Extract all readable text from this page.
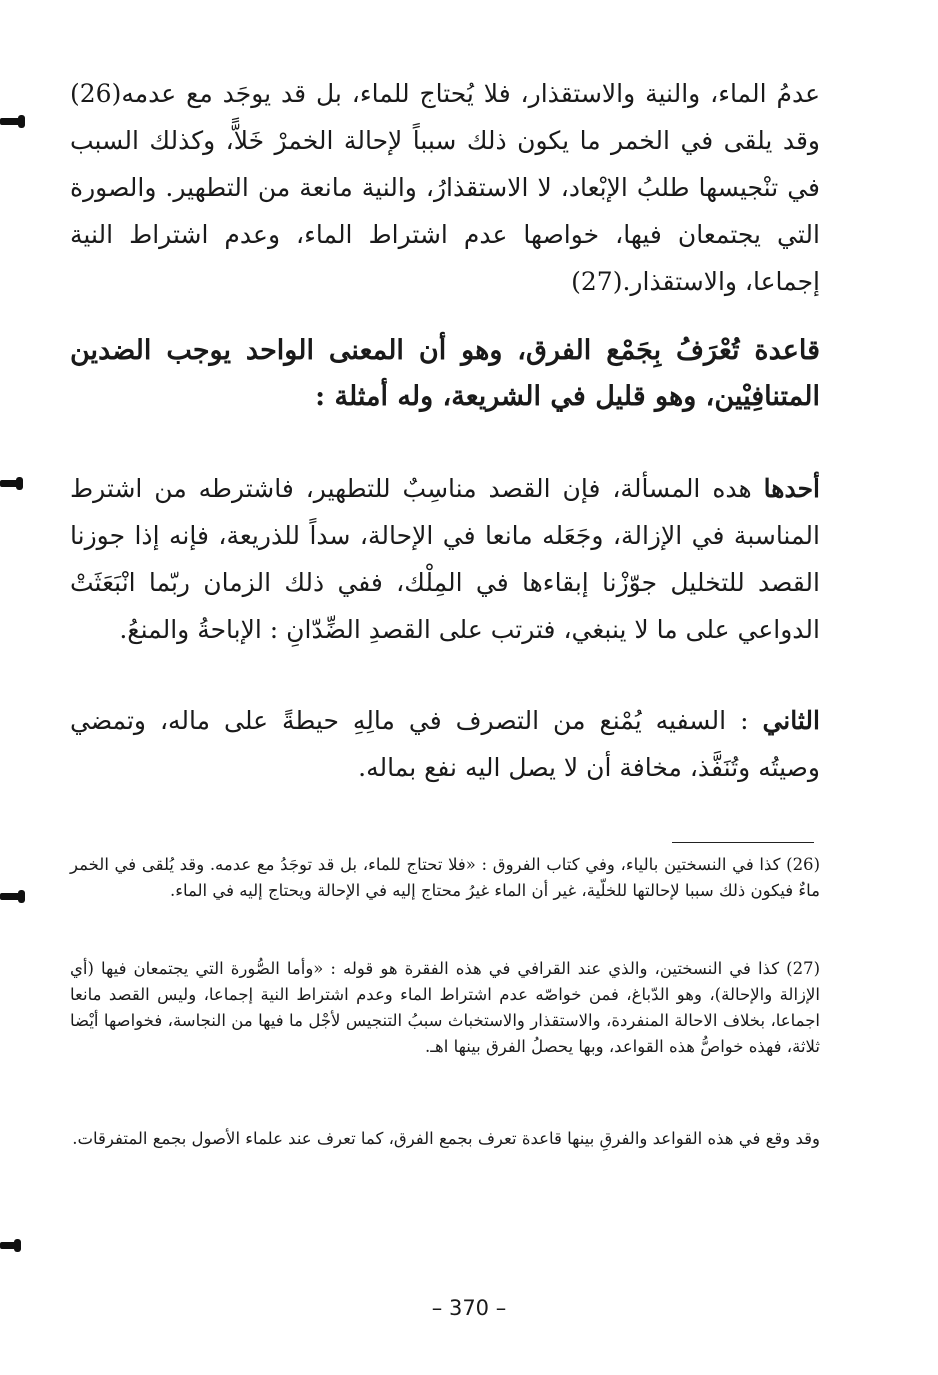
عدمُ الماء، والنية والاستقذار، فلا يُحتاج للماء، بل قد يوجَد مع عدمه(26) وقد يلقى في الخمر ما يكون ذلك سبباً لإحالة الخمرْ خَلاًّ، وكذلك السبب في تنْجيسها طلبُ الإبْعاد، لا الاستقذارُ، والنية مانعة من التطهير. والصورة التي يجتمعان فيها، خواصها عدم اشتراط الماء، وعدم اشتراط النية إجماعا، والاستقذار.(27)
قاعدة تُعْرَفُ بِجَمْع الفرق، وهو أن المعنى الواحد يوجب الضدين المتنافِيْين، وهو قليل في الشريعة، وله أمثلة :
أحدها هده المسألة، فإن القصد مناسِبٌ للتطهير، فاشترطه من اشترط المناسبة في الإزالة، وجَعَله مانعا في الإحالة، سداً للذريعة، فإنه إذا جوزنا القصد للتخليل جوّزْنا إبقاءها في المِلْك، ففي ذلك الزمان ربّما انْبَعَثَتْ الدواعي على ما لا ينبغي، فترتب على القصدِ الضِّدّانِ : الإباحةُ والمنعُ.
الثاني : السفيه يُمْنع من التصرف في مالِهِ حيطةً على ماله، وتمضي وصيتُه وتُنَفَّذ، مخافة أن لا يصل اليه نفع بماله.
(26) كذا في النسختين بالياء، وفي كتاب الفروق : «فلا تحتاج للماء، بل قد توجَدُ مع عدمه. وقد يُلقى في الخمر ماءٌ فيكون ذلك سببا لإحالتها للخلّية، غير أن الماء غيرُ محتاج إليه في الإحالة ويحتاج إليه في الماء.
(27) كذا في النسختين، والذي عند القرافي في هذه الفقرة هو قوله : «وأما الصُّورة التي يجتمعان فيها (أي الإزالة والإحالة)، وهو الدّباغ، فمن خواصّه عدم اشتراط الماء وعدم اشتراط النية إجماعا، وليس القصد مانعا اجماعا، بخلاف الاحالة المنفردة، والاستقذار والاستخباث سببُ التنجيس لأجْل ما فيها من النجاسة، فخواصها أيْضا ثلاثة، فهذه خواصُّ هذه القواعد، وبها يحصلُ الفرق بينها اهـ.
وقد وقع في هذه القواعد والفرقِ بينها قاعدة تعرف بجمع الفرق، كما تعرف عند علماء الأصول بجمع المتفرقات.
– 370 –
